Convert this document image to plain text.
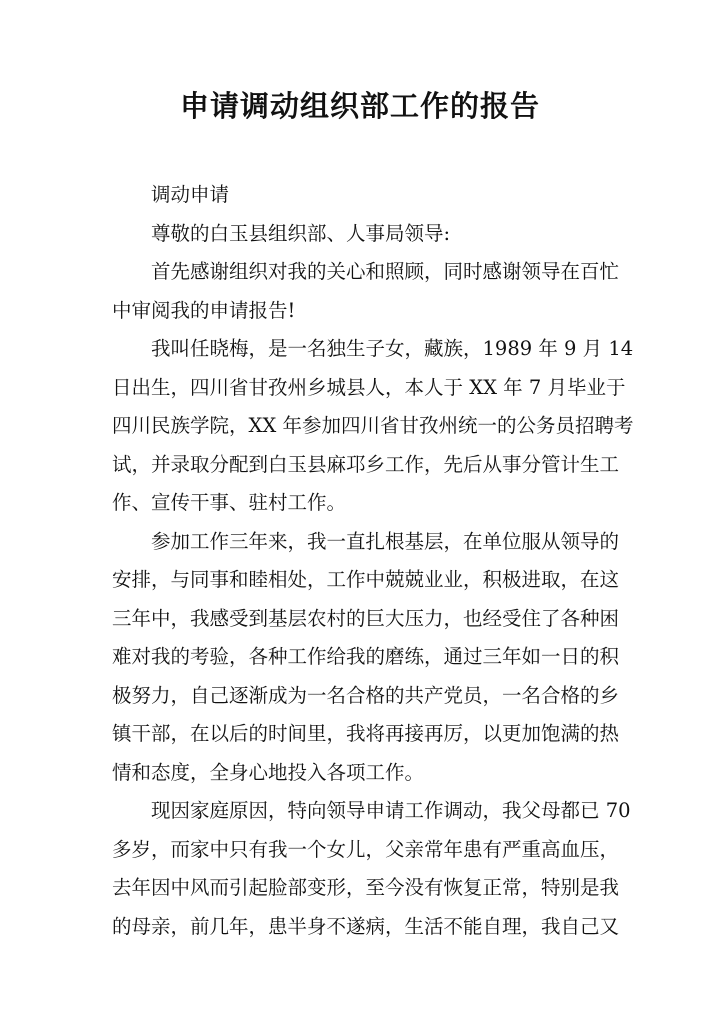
申请调动组织部工作的报告
调动申请
尊敬的白玉县组织部、人事局领导:
首先感谢组织对我的关心和照顾，同时感谢领导在百忙
中审阅我的申请报告!
我叫任晓梅，是一名独生子女，藏族，1989 年 9 月 14
日出生，四川省甘孜州乡城县人，本人于 XX 年 7 月毕业于
四川民族学院，XX 年参加四川省甘孜州统一的公务员招聘考
试，并录取分配到白玉县麻邛乡工作，先后从事分管计生工
作、宣传干事、驻村工作。
参加工作三年来，我一直扎根基层，在单位服从领导的
安排，与同事和睦相处，工作中兢兢业业，积极进取，在这
三年中，我感受到基层农村的巨大压力，也经受住了各种困
难对我的考验，各种工作给我的磨练，通过三年如一日的积
极努力，自己逐渐成为一名合格的共产党员，一名合格的乡
镇干部，在以后的时间里，我将再接再厉，以更加饱满的热
情和态度，全身心地投入各项工作。
现因家庭原因，特向领导申请工作调动，我父母都已 70
多岁，而家中只有我一个女儿，父亲常年患有严重高血压，
去年因中风而引起脸部变形，至今没有恢复正常，特别是我
的母亲，前几年，患半身不遂病，生活不能自理，我自己又
